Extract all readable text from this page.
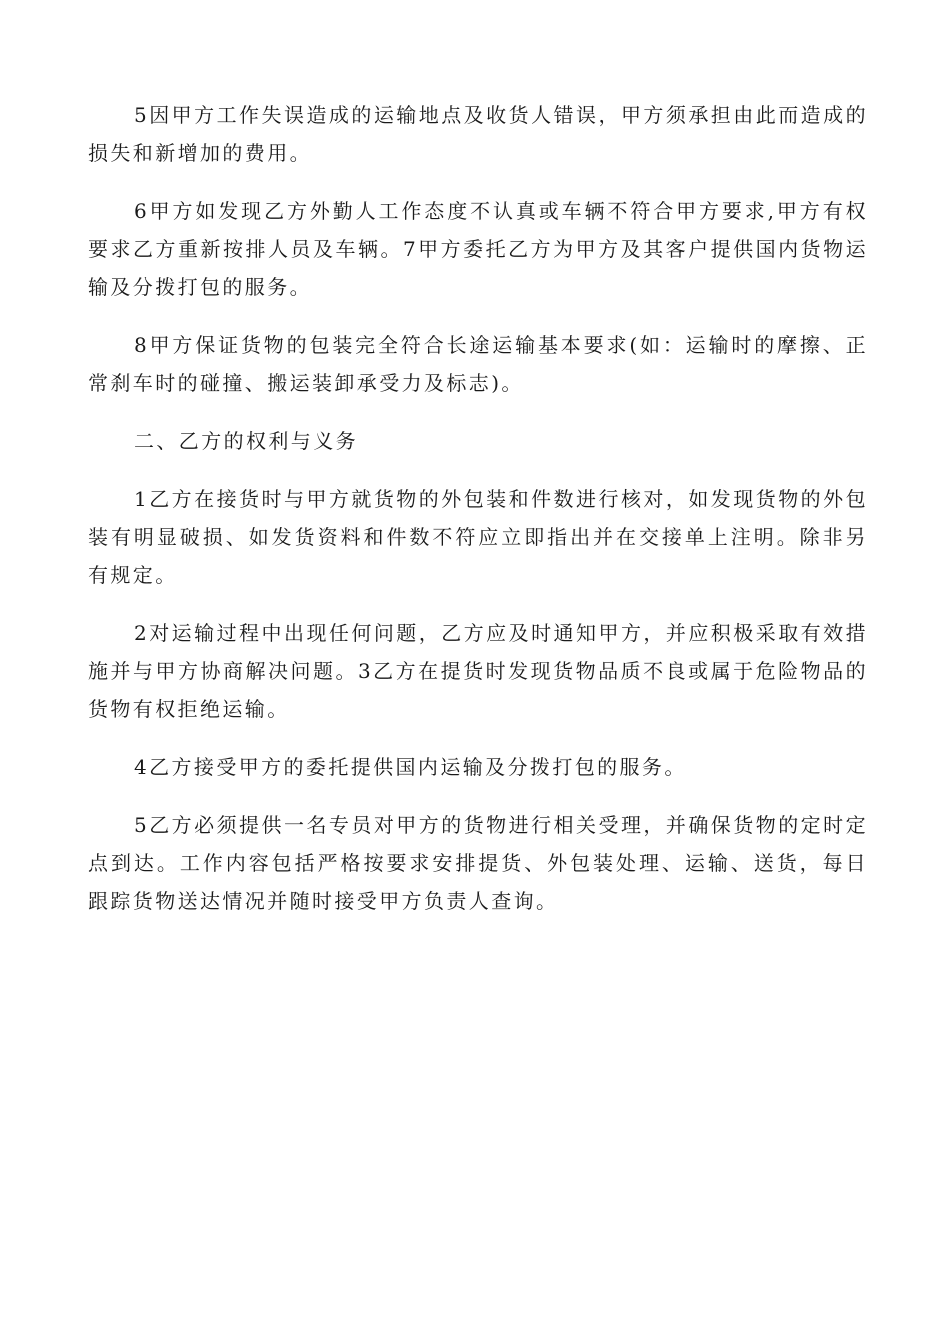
5因甲方工作失误造成的运输地点及收货人错误，甲方须承担由此而造成的损失和新增加的费用。

6甲方如发现乙方外勤人工作态度不认真或车辆不符合甲方要求,甲方有权要求乙方重新按排人员及车辆。7甲方委托乙方为甲方及其客户提供国内货物运输及分拨打包的服务。

8甲方保证货物的包装完全符合长途运输基本要求(如：运输时的摩擦、正常刹车时的碰撞、搬运装卸承受力及标志)。

二、乙方的权利与义务

1乙方在接货时与甲方就货物的外包装和件数进行核对，如发现货物的外包装有明显破损、如发货资料和件数不符应立即指出并在交接单上注明。除非另有规定。

2对运输过程中出现任何问题，乙方应及时通知甲方，并应积极采取有效措施并与甲方协商解决问题。3乙方在提货时发现货物品质不良或属于危险物品的货物有权拒绝运输。

4乙方接受甲方的委托提供国内运输及分拨打包的服务。

5乙方必须提供一名专员对甲方的货物进行相关受理，并确保货物的定时定点到达。工作内容包括严格按要求安排提货、外包装处理、运输、送货，每日跟踪货物送达情况并随时接受甲方负责人查询。
